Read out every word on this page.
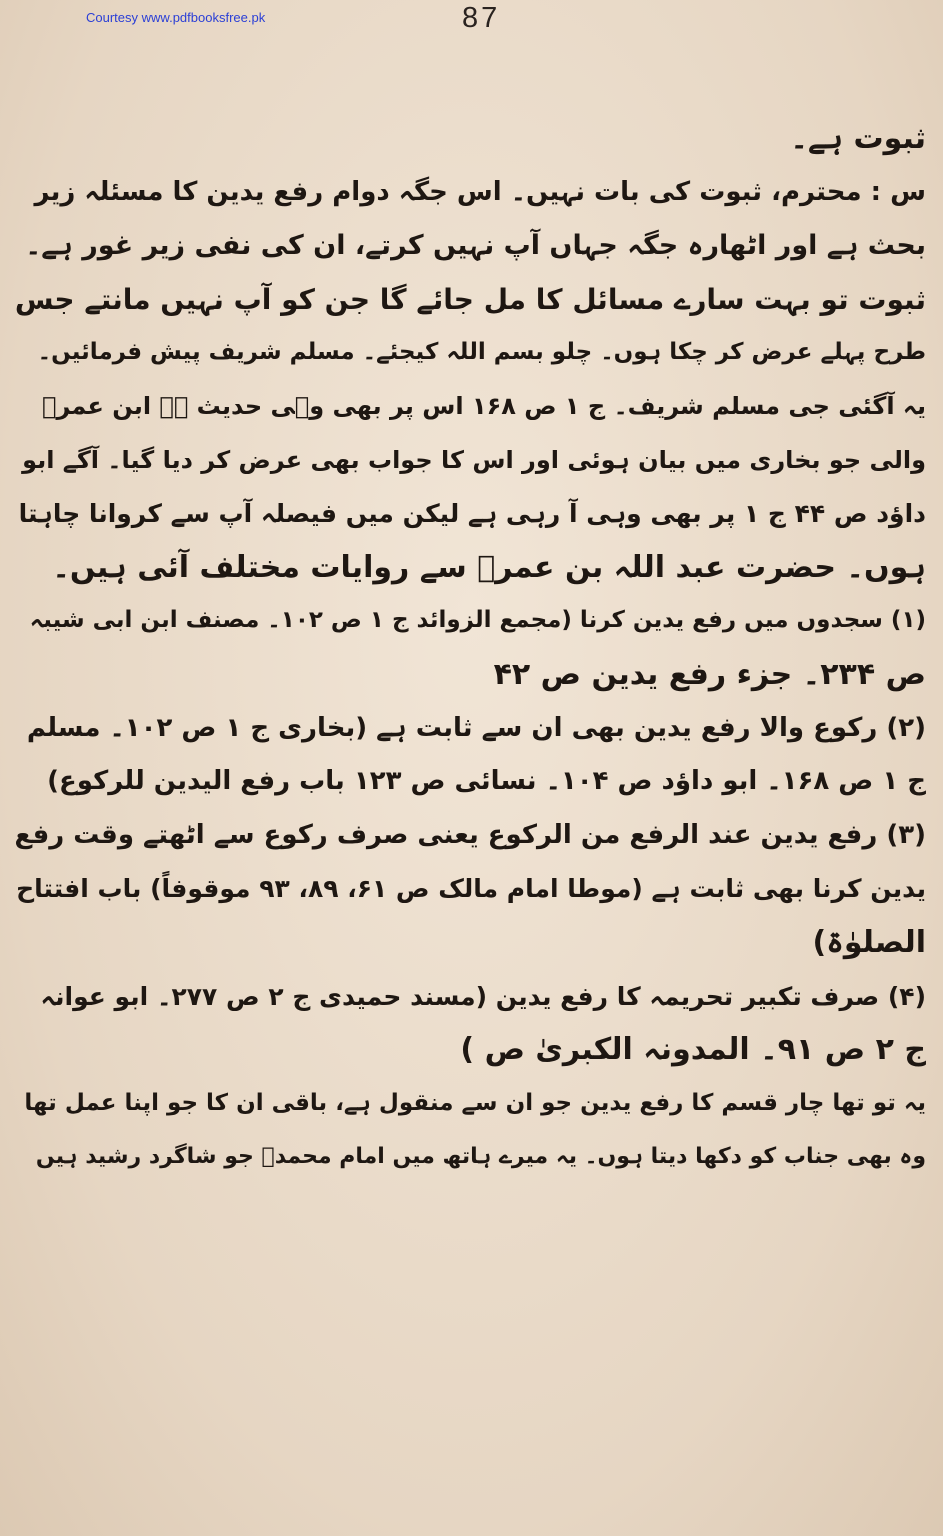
Courtesy www.pdfbooksfree.pk	87
ثبوت ہے۔
س : محترم، ثبوت کی بات نہیں۔ اس جگہ دوام رفع یدین کا مسئلہ زیر
بحث ہے اور اٹھارہ جگہ جہاں آپ نہیں کرتے، ان کی نفی زیر غور ہے۔
ثبوت تو بہت سارے مسائل کا مل جائے گا جن کو آپ نہیں مانتے جس
طرح پہلے عرض کر چکا ہوں۔ چلو بسم اللہ کیجئے۔ مسلم شریف پیش فرمائیں۔
یہ آگئی جی مسلم شریف۔ ج ۱ ص ۱۶۸ اس پر بھی وہی حدیث ہے ابن عمرؓ
والی جو بخاری میں بیان ہوئی اور اس کا جواب بھی عرض کر دیا گیا۔ آگے ابو
داؤد ص ۴۴ ج ۱ پر بھی وہی آ رہی ہے لیکن میں فیصلہ آپ سے کروانا چاہتا
ہوں۔ حضرت عبد اللہ بن عمرؓ سے روایات مختلف آئی ہیں۔
(۱) سجدوں میں رفع یدین کرنا (مجمع الزوائد ج ۱ ص ۱۰۲۔ مصنف ابن ابی شیبہ
ص ۲۳۴۔ جزء رفع یدین ص ۴۲
(۲) رکوع والا رفع یدین بھی ان سے ثابت ہے (بخاری ج ۱ ص ۱۰۲۔ مسلم
ج ۱ ص ۱۶۸۔ ابو داؤد ص ۱۰۴۔ نسائی ص ۱۲۳ باب رفع الیدین للرکوع)
(۳) رفع یدین عند الرفع من الرکوع یعنی صرف رکوع سے اٹھتے وقت رفع
یدین کرنا بھی ثابت ہے (موطا امام مالک ص ۶۱، ۸۹، ۹۳ موقوفاً) باب افتتاح
الصلوٰۃ)
(۴) صرف تکبیر تحریمہ کا رفع یدین (مسند حمیدی ج ۲ ص ۲۷۷۔ ابو عوانہ
ج ۲ ص ۹۱۔ المدونہ الکبریٰ ص )
یہ تو تھا چار قسم کا رفع یدین جو ان سے منقول ہے، باقی ان کا جو اپنا عمل تھا
وہ بھی جناب کو دکھا دیتا ہوں۔ یہ میرے ہاتھ میں امام محمدؒ جو شاگرد رشید ہیں
